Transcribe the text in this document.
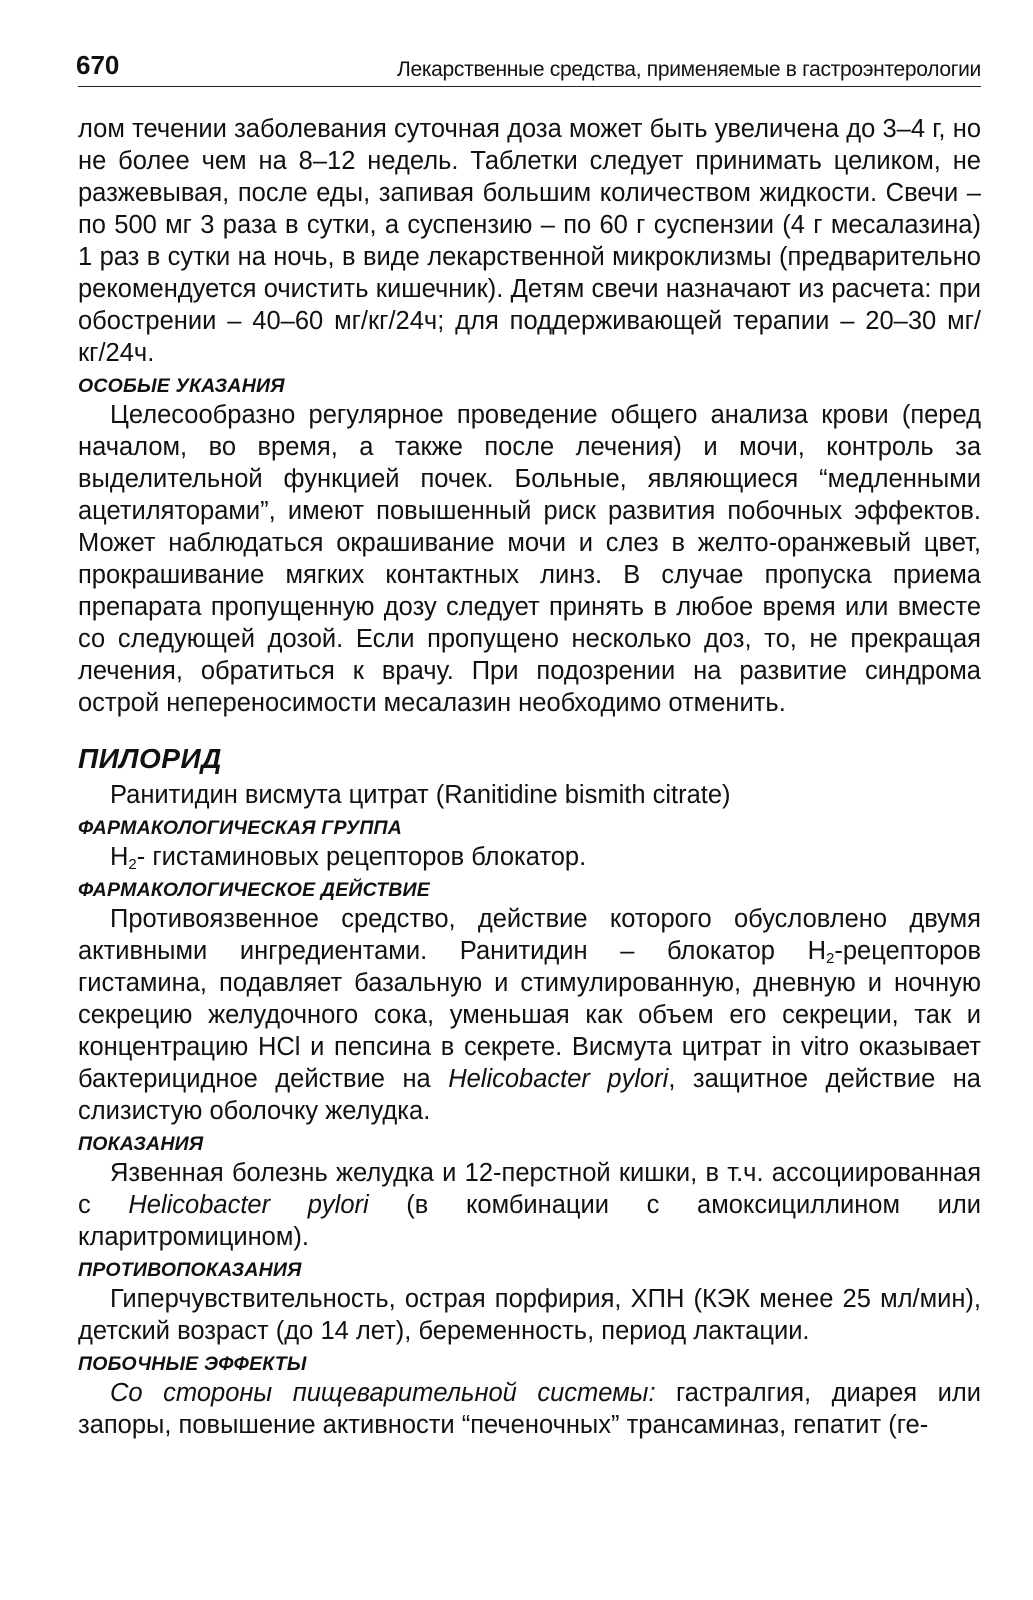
670	Лекарственные средства, применяемые в гастроэнтерологии

лом течении заболевания суточная доза может быть увеличена до 3–4 г, но не более чем на 8–12 недель. Таблетки следует принимать целиком, не разжевывая, после еды, запивая большим количеством жидкости. Свечи – по 500 мг 3 раза в сутки, а суспензию – по 60 г суспензии (4 г месалазина) 1 раз в сутки на ночь, в виде лекарственной микроклизмы (предварительно рекомендуется очистить кишечник). Детям свечи назначают из расчета: при обострении – 40–60 мг/кг/24ч; для поддерживающей терапии – 20–30 мг/кг/24ч.

ОСОБЫЕ УКАЗАНИЯ

Целесообразно регулярное проведение общего анализа крови (перед началом, во время, а также после лечения) и мочи, контроль за выделительной функцией почек. Больные, являющиеся “медленными ацетиляторами”, имеют повышенный риск развития побочных эффектов. Может наблюдаться окрашивание мочи и слез в желто-оранжевый цвет, прокрашивание мягких контактных линз. В случае пропуска приема препарата пропущенную дозу следует принять в любое время или вместе со следующей дозой. Если пропущено несколько доз, то, не прекращая лечения, обратиться к врачу. При подозрении на развитие синдрома острой непереносимости месалазин необходимо отменить.

ПИЛОРИД

Ранитидин висмута цитрат (Ranitidine bismith citrate)

ФАРМАКОЛОГИЧЕСКАЯ ГРУППА

$H_2-$ гистаминовых рецепторов блокатор.

ФАРМАКОЛОГИЧЕСКОЕ ДЕЙСТВИЕ

Противоязвенное средство, действие которого обусловлено двумя активными ингредиентами. Ранитидин – блокатор $H_2$-рецепторов гистамина, подавляет базальную и стимулированную, дневную и ночную секрецию желудочного сока, уменьшая как объем его секреции, так и концентрацию HCl и пепсина в секрете. Висмута цитрат in vitro оказывает бактерицидное действие на Helicobacter pylori, защитное действие на слизистую оболочку желудка.

ПОКАЗАНИЯ

Язвенная болезнь желудка и 12-перстной кишки, в т.ч. ассоциированная с Helicobacter pylori (в комбинации с амоксициллином или кларитромицином).

ПРОТИВОПОКАЗАНИЯ

Гиперчувствительность, острая порфирия, ХПН (КЭК менее 25 мл/мин), детский возраст (до 14 лет), беременность, период лактации.

ПОБОЧНЫЕ ЭФФЕКТЫ

Со стороны пищеварительной системы: гастралгия, диарея или запоры, повышение активности “печеночных” трансаминаз, гепатит (ге-
